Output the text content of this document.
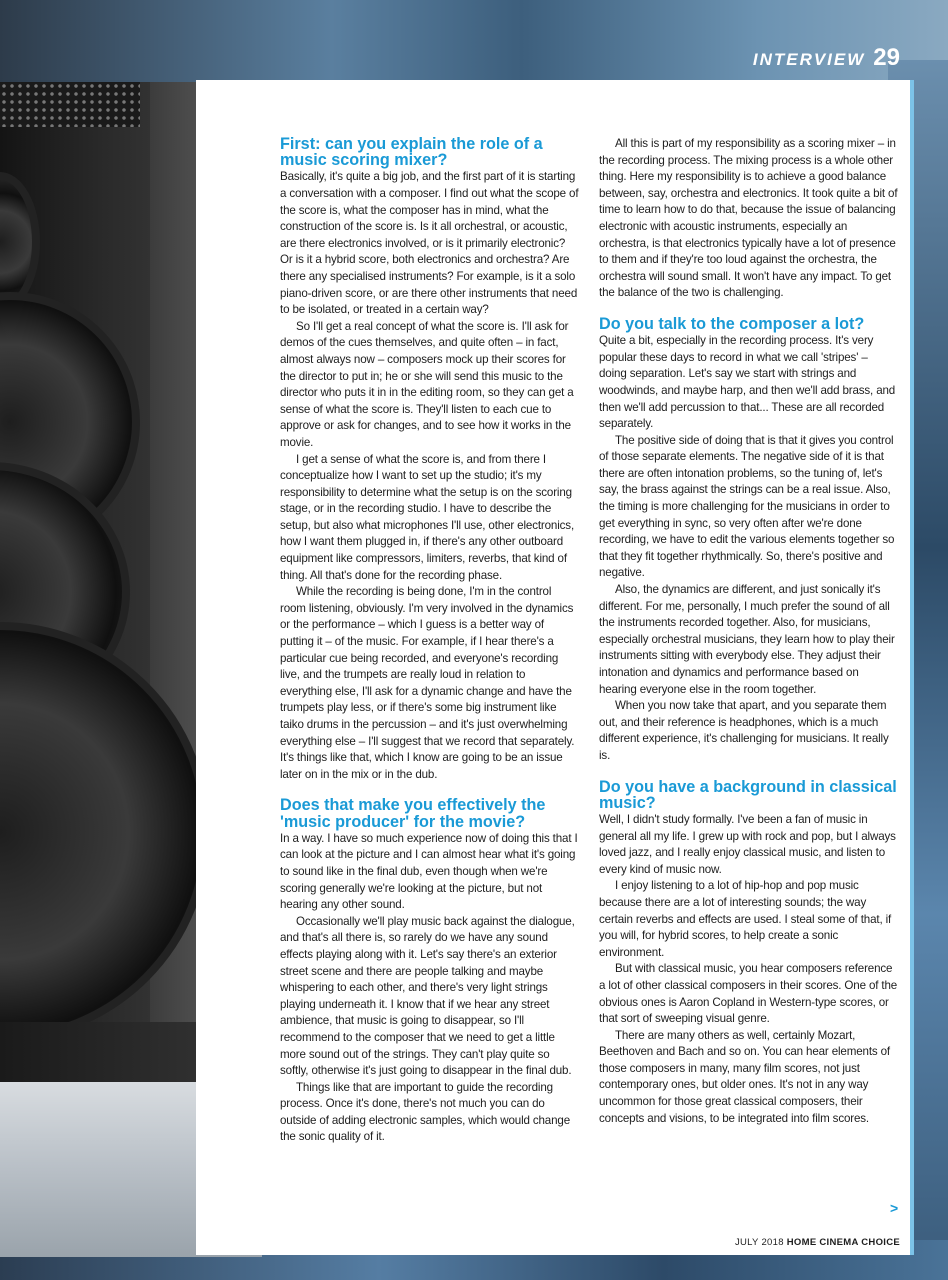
INTERVIEW 29
First: can you explain the role of a music scoring mixer?

Basically, it's quite a big job, and the first part of it is starting a conversation with a composer. I find out what the scope of the score is, what the composer has in mind, what the construction of the score is. Is it all orchestral, or acoustic, are there electronics involved, or is it primarily electronic? Or is it a hybrid score, both electronics and orchestra? Are there any specialised instruments? For example, is it a solo piano-driven score, or are there other instruments that need to be isolated, or treated in a certain way?

So I'll get a real concept of what the score is. I'll ask for demos of the cues themselves, and quite often – in fact, almost always now – composers mock up their scores for the director to put in; he or she will send this music to the director who puts it in in the editing room, so they can get a sense of what the score is. They'll listen to each cue to approve or ask for changes, and to see how it works in the movie.

I get a sense of what the score is, and from there I conceptualize how I want to set up the studio; it's my responsibility to determine what the setup is on the scoring stage, or in the recording studio. I have to describe the setup, but also what microphones I'll use, other electronics, how I want them plugged in, if there's any other outboard equipment like compressors, limiters, reverbs, that kind of thing. All that's done for the recording phase.

While the recording is being done, I'm in the control room listening, obviously. I'm very involved in the dynamics or the performance – which I guess is a better way of putting it – of the music. For example, if I hear there's a particular cue being recorded, and everyone's recording live, and the trumpets are really loud in relation to everything else, I'll ask for a dynamic change and have the trumpets play less, or if there's some big instrument like taiko drums in the percussion – and it's just overwhelming everything else – I'll suggest that we record that separately. It's things like that, which I know are going to be an issue later on in the mix or in the dub.

Does that make you effectively the 'music producer' for the movie?

In a way. I have so much experience now of doing this that I can look at the picture and I can almost hear what it's going to sound like in the final dub, even though when we're scoring generally we're looking at the picture, but not hearing any other sound.

Occasionally we'll play music back against the dialogue, and that's all there is, so rarely do we have any sound effects playing along with it. Let's say there's an exterior street scene and there are people talking and maybe whispering to each other, and there's very light strings playing underneath it. I know that if we hear any street ambience, that music is going to disappear, so I'll recommend to the composer that we need to get a little more sound out of the strings. They can't play quite so softly, otherwise it's just going to disappear in the final dub.

Things like that are important to guide the recording process. Once it's done, there's not much you can do outside of adding electronic samples, which would change the sonic quality of it.

All this is part of my responsibility as a scoring mixer – in the recording process. The mixing process is a whole other thing. Here my responsibility is to achieve a good balance between, say, orchestra and electronics. It took quite a bit of time to learn how to do that, because the issue of balancing electronic with acoustic instruments, especially an orchestra, is that electronics typically have a lot of presence to them and if they're too loud against the orchestra, the orchestra will sound small. It won't have any impact. To get the balance of the two is challenging.

Do you talk to the composer a lot?

Quite a bit, especially in the recording process. It's very popular these days to record in what we call 'stripes' – doing separation. Let's say we start with strings and woodwinds, and maybe harp, and then we'll add brass, and then we'll add percussion to that... These are all recorded separately.

The positive side of doing that is that it gives you control of those separate elements. The negative side of it is that there are often intonation problems, so the tuning of, let's say, the brass against the strings can be a real issue. Also, the timing is more challenging for the musicians in order to get everything in sync, so very often after we're done recording, we have to edit the various elements together so that they fit together rhythmically. So, there's positive and negative.

Also, the dynamics are different, and just sonically it's different. For me, personally, I much prefer the sound of all the instruments recorded together. Also, for musicians, especially orchestral musicians, they learn how to play their instruments sitting with everybody else. They adjust their intonation and dynamics and performance based on hearing everyone else in the room together.

When you now take that apart, and you separate them out, and their reference is headphones, which is a much different experience, it's challenging for musicians. It really is.

Do you have a background in classical music?

Well, I didn't study formally. I've been a fan of music in general all my life. I grew up with rock and pop, but I always loved jazz, and I really enjoy classical music, and listen to every kind of music now.

I enjoy listening to a lot of hip-hop and pop music because there are a lot of interesting sounds; the way certain reverbs and effects are used. I steal some of that, if you will, for hybrid scores, to help create a sonic environment.

But with classical music, you hear composers reference a lot of other classical composers in their scores. One of the obvious ones is Aaron Copland in Western-type scores, or that sort of sweeping visual genre.

There are many others as well, certainly Mozart, Beethoven and Bach and so on. You can hear elements of those composers in many, many film scores, not just contemporary ones, but older ones. It's not in any way uncommon for those great classical composers, their concepts and visions, to be integrated into film scores.

>
JULY 2018 HOME CINEMA CHOICE
